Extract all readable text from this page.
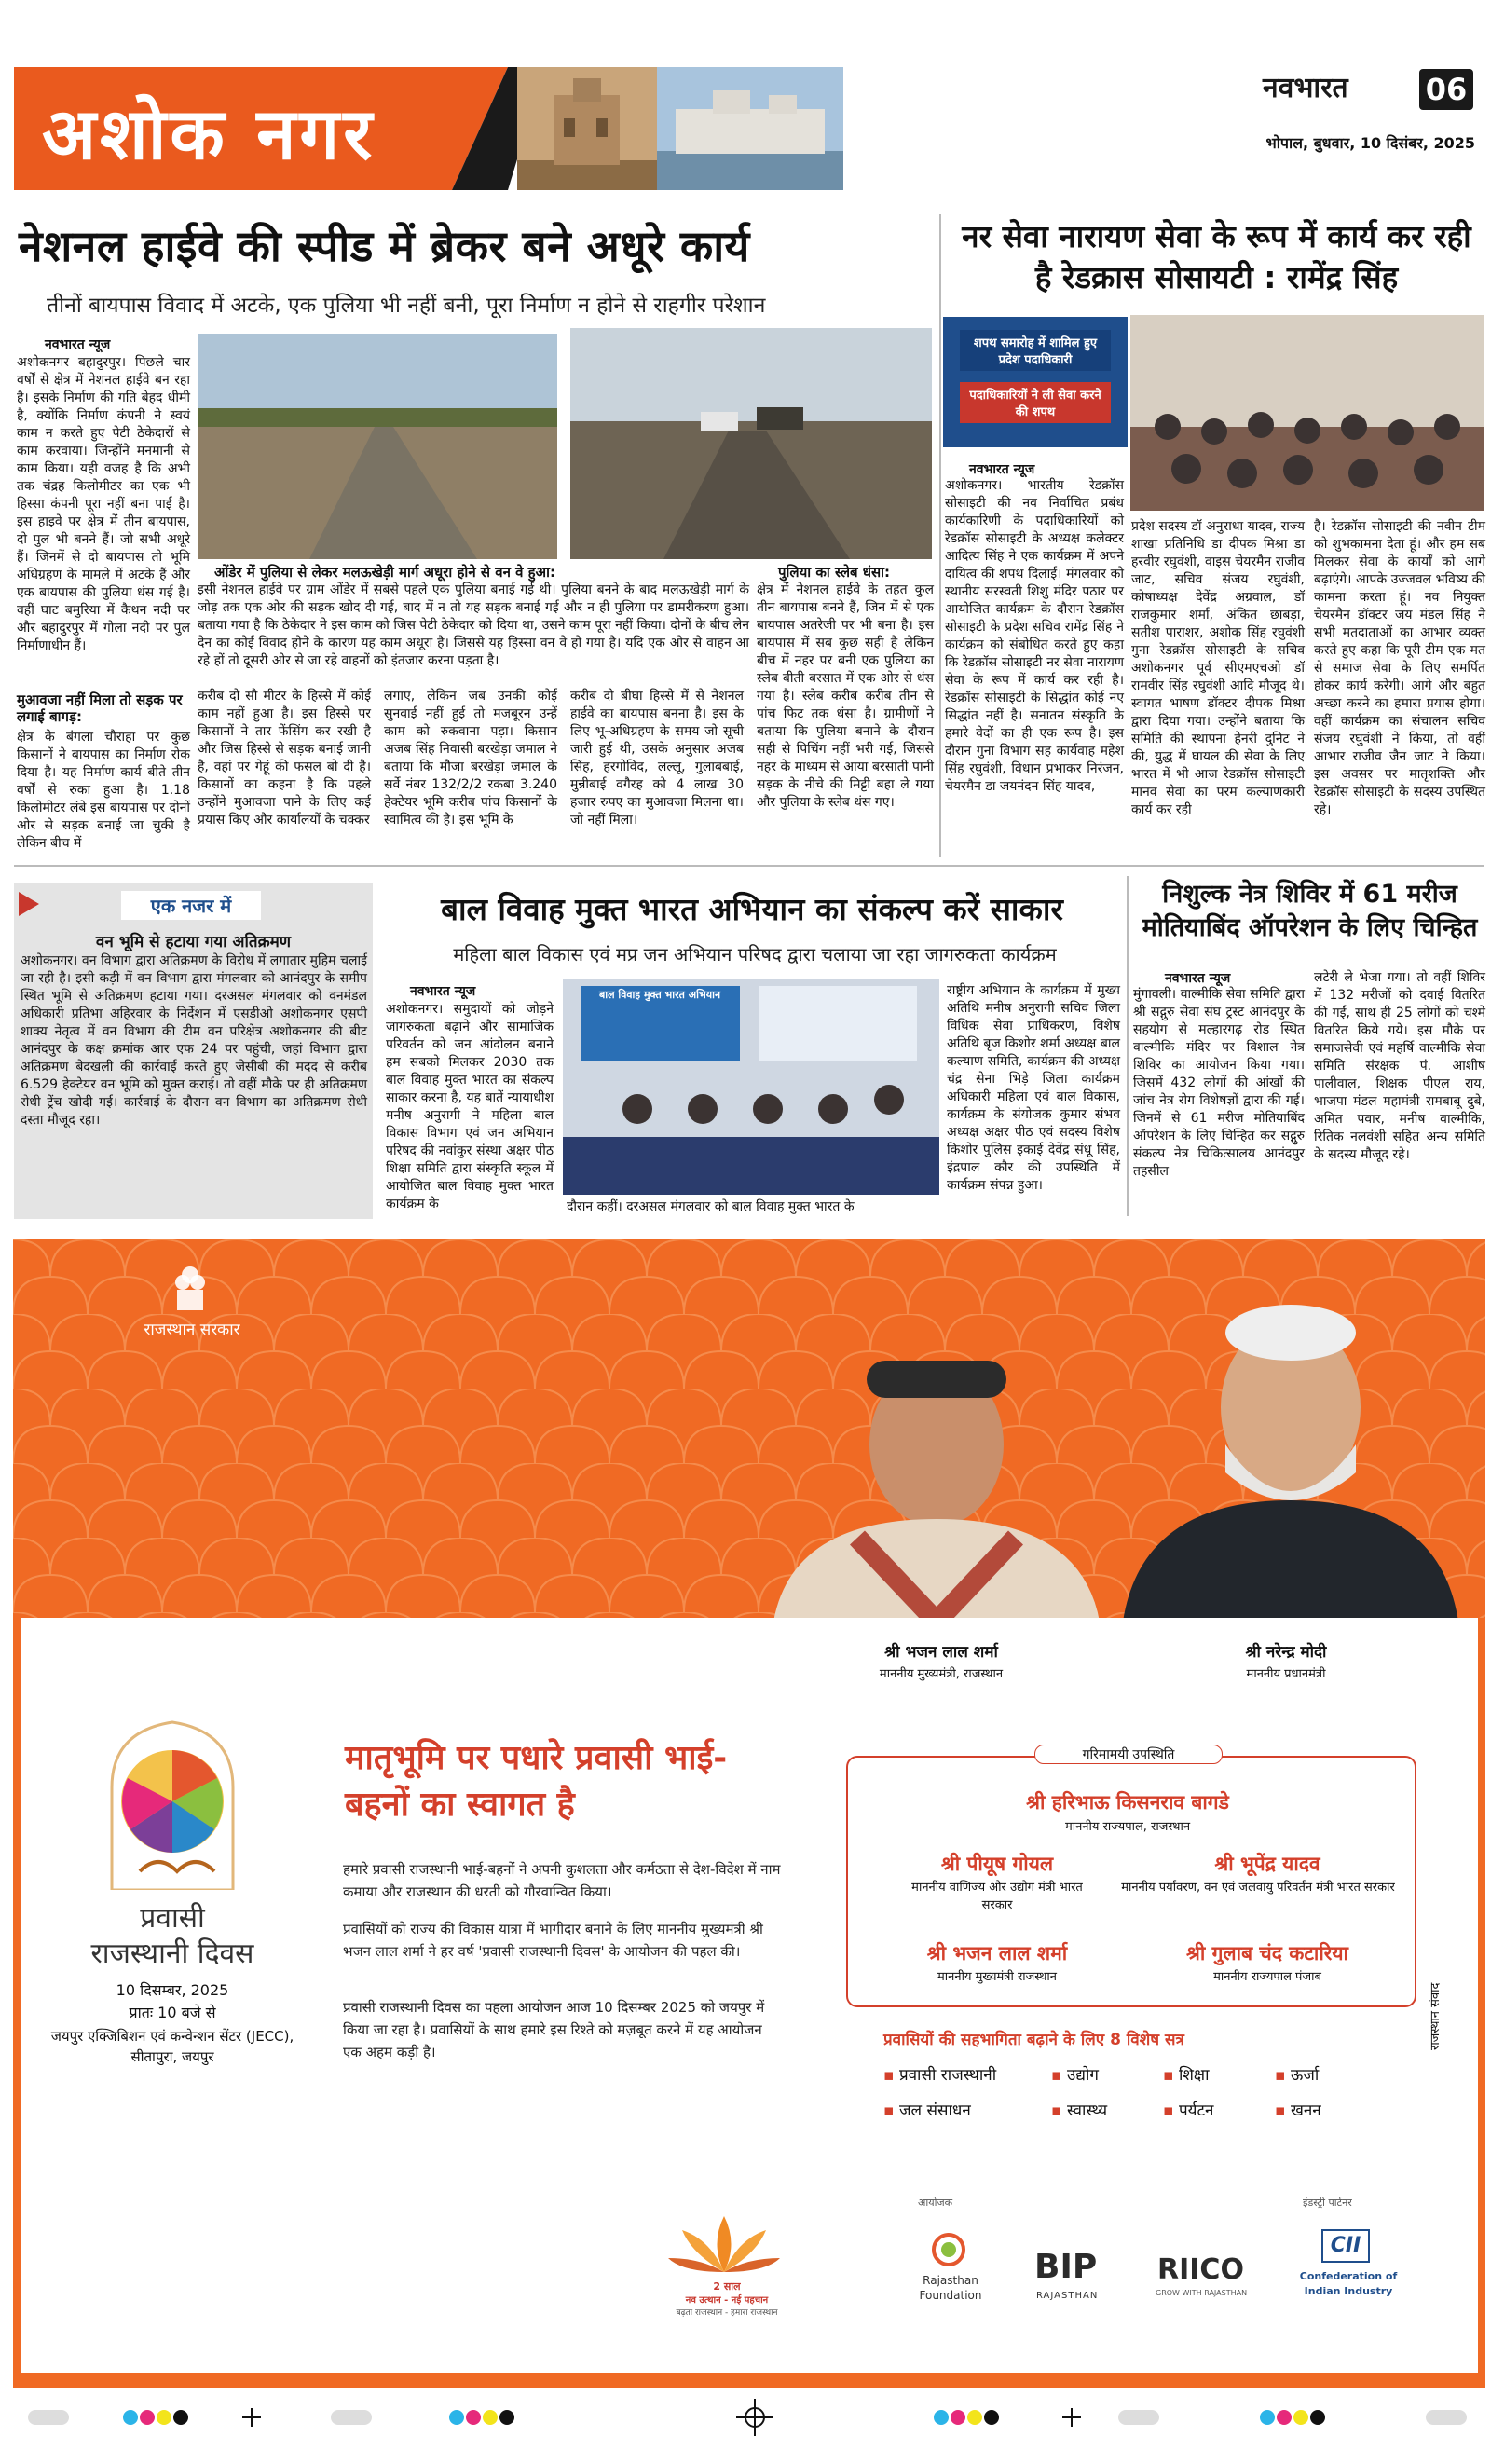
अशोक नगर
नवभारत	06
भोपाल, बुधवार, 10 दिसंबर, 2025
नेशनल हाईवे की स्पीड में ब्रेकर बने अधूरे कार्य
तीनों बायपास विवाद में अटके, एक पुलिया भी नहीं बनी, पूरा निर्माण न होने से राहगीर परेशान
नवभारत न्यूज
अशोकनगर बहादुरपुर। पिछले चार वर्षों से क्षेत्र में नेशनल हाईवे बन रहा है। इसके निर्माण की गति बेहद धीमी है, क्योंकि निर्माण कंपनी ने स्वयं काम न करते हुए पेटी ठेकेदारों से काम करवाया। जिन्होंने मनमानी से काम किया। यही वजह है कि अभी तक चंद्रह किलोमीटर का एक भी हिस्सा कंपनी पूरा नहीं बना पाई है। इस हाइवे पर क्षेत्र में तीन बायपास, दो पुल भी बनने हैं। जो सभी अधूरे हैं। जिनमें से दो बायपास तो भूमि अधिग्रहण के मामले में अटके हैं और एक बायपास की पुलिया धंस गई है। वहीं घाट बमुरिया में कैथन नदी पर और बहादुरपुर में गोला नदी पर पुल निर्माणाधीन हैं।
मुआवजा नहीं मिला तो सड़क पर लगाई बागड़:
क्षेत्र के बंगला चौराहा पर कुछ किसानों ने बायपास का निर्माण रोक दिया है। यह निर्माण कार्य बीते तीन वर्षों से रुका हुआ है। 1.18 किलोमीटर लंबे इस बायपास पर दोनों ओर से सड़क बनाई जा चुकी है लेकिन बीच में
ओंडेर में पुलिया से लेकर मलऊखेड़ी मार्ग अधूरा होने से वन वे हुआ:
इसी नेशनल हाईवे पर ग्राम ओंडेर में सबसे पहले एक पुलिया बनाई गई थी। पुलिया बनने के बाद मलऊखेड़ी मार्ग के जोड़ तक एक ओर की सड़क खोद दी गई, बाद में न तो यह सड़क बनाई गई और न ही पुलिया पर डामरीकरण हुआ। बताया गया है कि ठेकेदार ने इस काम को जिस पेटी ठेकेदार को दिया था, उसने काम पूरा नहीं किया। दोनों के बीच लेन देन का कोई विवाद होने के कारण यह काम अधूरा है। जिससे यह हिस्सा वन वे हो गया है। यदि एक ओर से वाहन आ रहे हों तो दूसरी ओर से जा रहे वाहनों को इंतजार करना पड़ता है।
करीब दो सौ मीटर के हिस्से में कोई काम नहीं हुआ है। इस हिस्से पर किसानों ने तार फेंसिंग कर रखी है और जिस हिस्से से सड़क बनाई जानी है, वहां पर गेहूं की फसल बो दी है। किसानों का कहना है कि पहले उन्होंने मुआवजा पाने के लिए कई प्रयास किए और कार्यालयों के चक्कर
लगाए, लेकिन जब उनकी कोई सुनवाई नहीं हुई तो मजबूरन उन्हें काम को रुकवाना पड़ा। किसान अजब सिंह निवासी बरखेड़ा जमाल ने बताया कि मौजा बरखेड़ा जमाल के सर्वे नंबर 132/2/2 रकबा 3.240 हेक्टेयर भूमि करीब पांच किसानों के स्वामित्व की है। इस भूमि के
करीब दो बीघा हिस्से में से नेशनल हाईवे का बायपास बनना है। इस के लिए भू-अधिग्रहण के समय जो सूची जारी हुई थी, उसके अनुसार अजब सिंह, हरगोविंद, लल्लू, गुलाबबाई, मुन्नीबाई वगैरह को 4 लाख 30 हजार रुपए का मुआवजा मिलना था। जो नहीं मिला।
पुलिया का स्लेब धंसा:
क्षेत्र में नेशनल हाईवे के तहत कुल तीन बायपास बनने हैं, जिन में से एक बायपास अतरेजी पर भी बना है। इस बायपास में सब कुछ सही है लेकिन बीच में नहर पर बनी एक पुलिया का स्लेब बीती बरसात में एक ओर से धंस गया है। स्लेब करीब करीब तीन से पांच फिट तक धंसा है। ग्रामीणों ने बताया कि पुलिया बनाने के दौरान सही से पिचिंग नहीं भरी गई, जिससे नहर के माध्यम से आया बरसाती पानी सड़क के नीचे की मिट्टी बहा ले गया और पुलिया के स्लेब धंस गए।
नर सेवा नारायण सेवा के रूप में कार्य कर रही है रेडक्रास सोसायटी : रामेंद्र सिंह
शपथ समारोह में शामिल हुए प्रदेश पदाधिकारी
पदाधिकारियों ने ली सेवा करने की शपथ
नवभारत न्यूज
अशोकनगर। भारतीय रेडक्रॉस सोसाइटी की नव निर्वाचित प्रबंध कार्यकारिणी के पदाधिकारियों को रेडक्रॉस सोसाइटी के अध्यक्ष कलेक्टर आदित्य सिंह ने एक कार्यक्रम में अपने दायित्व की शपथ दिलाई। मंगलवार को स्थानीय सरस्वती शिशु मंदिर पठार पर आयोजित कार्यक्रम के दौरान रेडक्रॉस सोसाइटी के प्रदेश सचिव रामेंद्र सिंह ने कार्यक्रम को संबोधित करते हुए कहा कि रेडक्रॉस सोसाइटी नर सेवा नारायण सेवा के रूप में कार्य कर रही है। रेडक्रॉस सोसाइटी के सिद्धांत कोई नए सिद्धांत नहीं है। सनातन संस्कृति के हमारे वेदों का ही एक रूप है। इस दौरान गुना विभाग सह कार्यवाह महेश सिंह रघुवंशी, विधान प्रभाकर निरंजन, चेयरमैन डा जयनंदन सिंह यादव,
प्रदेश सदस्य डॉ अनुराधा यादव, राज्य शाखा प्रतिनिधि डा दीपक मिश्रा डा हरवीर रघुवंशी, वाइस चेयरमैन राजीव जाट, सचिव संजय रघुवंशी, कोषाध्यक्ष देवेंद्र अग्रवाल, डॉ राजकुमार शर्मा, अंकित छाबड़ा, सतीश पाराशर, अशोक सिंह रघुवंशी गुना रेडक्रॉस सोसाइटी के सचिव अशोकनगर पूर्व सीएमएचओ डॉ रामवीर सिंह रघुवंशी आदि मौजूद थे। स्वागत भाषण डॉक्टर दीपक मिश्रा द्वारा दिया गया। उन्होंने बताया कि समिति की स्थापना हेनरी दुनिट ने की, युद्ध में घायल की सेवा के लिए भारत में भी आज रेडक्रॉस सोसाइटी मानव सेवा का परम कल्याणकारी कार्य कर रही
है। रेडक्रॉस सोसाइटी की नवीन टीम को शुभकामना देता हूं। और हम सब मिलकर सेवा के कार्यों को आगे बढ़ाएंगे। आपके उज्जवल भविष्य की कामना करता हूं। नव नियुक्त चेयरमैन डॉक्टर जय मंडल सिंह ने सभी मतदाताओं का आभार व्यक्त करते हुए कहा कि पूरी टीम एक मत से समाज सेवा के लिए समर्पित होकर कार्य करेगी। आगे और बहुत अच्छा करने का हमारा प्रयास होगा। वहीं कार्यक्रम का संचालन सचिव संजय रघुवंशी ने किया, तो वहीं आभार राजीव जैन जाट ने किया। इस अवसर पर मातृशक्ति और रेडक्रॉस सोसाइटी के सदस्य उपस्थित रहे।
एक नजर में
वन भूमि से हटाया गया अतिक्रमण
अशोकनगर। वन विभाग द्वारा अतिक्रमण के विरोध में लगातार मुहिम चलाई जा रही है। इसी कड़ी में वन विभाग द्वारा मंगलवार को आनंदपुर के समीप स्थित भूमि से अतिक्रमण हटाया गया। दरअसल मंगलवार को वनमंडल अधिकारी प्रतिभा अहिरवार के निर्देशन में एसडीओ अशोकनगर एसपी शाक्य नेतृत्व में वन विभाग की टीम वन परिक्षेत्र अशोकनगर की बीट आनंदपुर के कक्ष क्रमांक आर एफ 24 पर पहुंची, जहां विभाग द्वारा अतिक्रमण बेदखली की कार्रवाई करते हुए जेसीबी की मदद से करीब 6.529 हेक्टेयर वन भूमि को मुक्त कराई। तो वहीं मौके पर ही अतिक्रमण रोधी ट्रेंच खोदी गई। कार्रवाई के दौरान वन विभाग का अतिक्रमण रोधी दस्ता मौजूद रहा।
बाल विवाह मुक्त भारत अभियान का संकल्प करें साकार
महिला बाल विकास एवं मप्र जन अभियान परिषद द्वारा चलाया जा रहा जागरुकता कार्यक्रम
नवभारत न्यूज
अशोकनगर। समुदायों को जोड़ने जागरुकता बढ़ाने और सामाजिक परिवर्तन को जन आंदोलन बनाने हम सबको मिलकर 2030 तक बाल विवाह मुक्त भारत का संकल्प साकार करना है, यह बातें न्यायाधीश मनीष अनुरागी ने महिला बाल विकास विभाग एवं जन अभियान परिषद की नवांकुर संस्था अक्षर पीठ शिक्षा समिति द्वारा संस्कृति स्कूल में आयोजित बाल विवाह मुक्त भारत कार्यक्रम के
बाल विवाह मुक्त भारत अभियान
दौरान कहीं। दरअसल मंगलवार को बाल विवाह मुक्त भारत के
राष्ट्रीय अभियान के कार्यक्रम में मुख्य अतिथि मनीष अनुरागी सचिव जिला विधिक सेवा प्राधिकरण, विशेष अतिथि बृज किशोर शर्मा अध्यक्ष बाल कल्याण समिति, कार्यक्रम की अध्यक्ष चंद्र सेना भिड़े जिला कार्यक्रम अधिकारी महिला एवं बाल विकास, कार्यक्रम के संयोजक कुमार संभव अध्यक्ष अक्षर पीठ एवं सदस्य विशेष किशोर पुलिस इकाई देवेंद्र संधू सिंह, इंद्रपाल कौर की उपस्थिति में कार्यक्रम संपन्न हुआ।
निशुल्क नेत्र शिविर में 61 मरीज मोतियाबिंद ऑपरेशन के लिए चिन्हित
नवभारत न्यूज
मुंगावली। वाल्मीकि सेवा समिति द्वारा श्री सद्गुरु सेवा संघ ट्रस्ट आनंदपुर के सहयोग से मल्हारगढ़ रोड स्थित वाल्मीकि मंदिर पर विशाल नेत्र शिविर का आयोजन किया गया। जिसमें 432 लोगों की आंखों की जांच नेत्र रोग विशेषज्ञों द्वारा की गई। जिनमें से 61 मरीज मोतियाबिंद ऑपरेशन के लिए चिन्हित कर सद्गुरु संकल्प नेत्र चिकित्सालय आनंदपुर तहसील
लटेरी ले भेजा गया। तो वहीं शिविर में 132 मरीजों को दवाई वितरित की गईं, साथ ही 25 लोगों को चश्मे वितरित किये गये। इस मौके पर समाजसेवी एवं महर्षि वाल्मीकि सेवा समिति संरक्षक पं. आशीष पालीवाल, शिक्षक पीएल राय, भाजपा मंडल महामंत्री रामबाबू दुबे, अमित पवार, मनीष वाल्मीकि, रितिक नलवंशी सहित अन्य समिति के सदस्य मौजूद रहे।
राजस्थान सरकार
श्री भजन लाल शर्मा
माननीय मुख्यमंत्री, राजस्थान
श्री नरेन्द्र मोदी
माननीय प्रधानमंत्री
प्रवासी
राजस्थानी दिवस
10 दिसम्बर, 2025
प्रातः 10 बजे से
जयपुर एक्जिबिशन एवं कन्वेन्शन सेंटर (JECC), सीतापुरा, जयपुर
मातृभूमि पर पधारे प्रवासी भाई-बहनों का स्वागत है
हमारे प्रवासी राजस्थानी भाई-बहनों ने अपनी कुशलता और कर्मठता से देश-विदेश में नाम कमाया और राजस्थान की धरती को गौरवान्वित किया।
प्रवासियों को राज्य की विकास यात्रा में भागीदार बनाने के लिए माननीय मुख्यमंत्री श्री भजन लाल शर्मा ने हर वर्ष 'प्रवासी राजस्थानी दिवस' के आयोजन की पहल की।
प्रवासी राजस्थानी दिवस का पहला आयोजन आज 10 दिसम्बर 2025 को जयपुर में किया जा रहा है। प्रवासियों के साथ हमारे इस रिश्ते को मज़बूत करने में यह आयोजन एक अहम कड़ी है।
गरिमामयी उपस्थिति
श्री हरिभाऊ किसनराव बागडे
माननीय राज्यपाल, राजस्थान
श्री पीयूष गोयल
माननीय वाणिज्य और उद्योग मंत्री भारत सरकार
श्री भूपेंद्र यादव
माननीय पर्यावरण, वन एवं जलवायु परिवर्तन मंत्री भारत सरकार
श्री भजन लाल शर्मा
माननीय मुख्यमंत्री राजस्थान
श्री गुलाब चंद कटारिया
माननीय राज्यपाल पंजाब
प्रवासियों की सहभागिता बढ़ाने के लिए 8 विशेष सत्र
▪ प्रवासी राजस्थानी	▪ उद्योग	▪ शिक्षा	▪ ऊर्जा
▪ जल संसाधन	▪ स्वास्थ्य	▪ पर्यटन	▪ खनन
राजस्थान संवाद
2 साल
नव उत्थान - नई पहचान
बढ़ता राजस्थान - हमारा राजस्थान
आयोजक	इंडस्ट्री पार्टनर
Rajasthan
Foundation
BIP
RAJASTHAN
RIICO
GROW WITH RAJASTHAN
CII
Confederation of
Indian Industry
